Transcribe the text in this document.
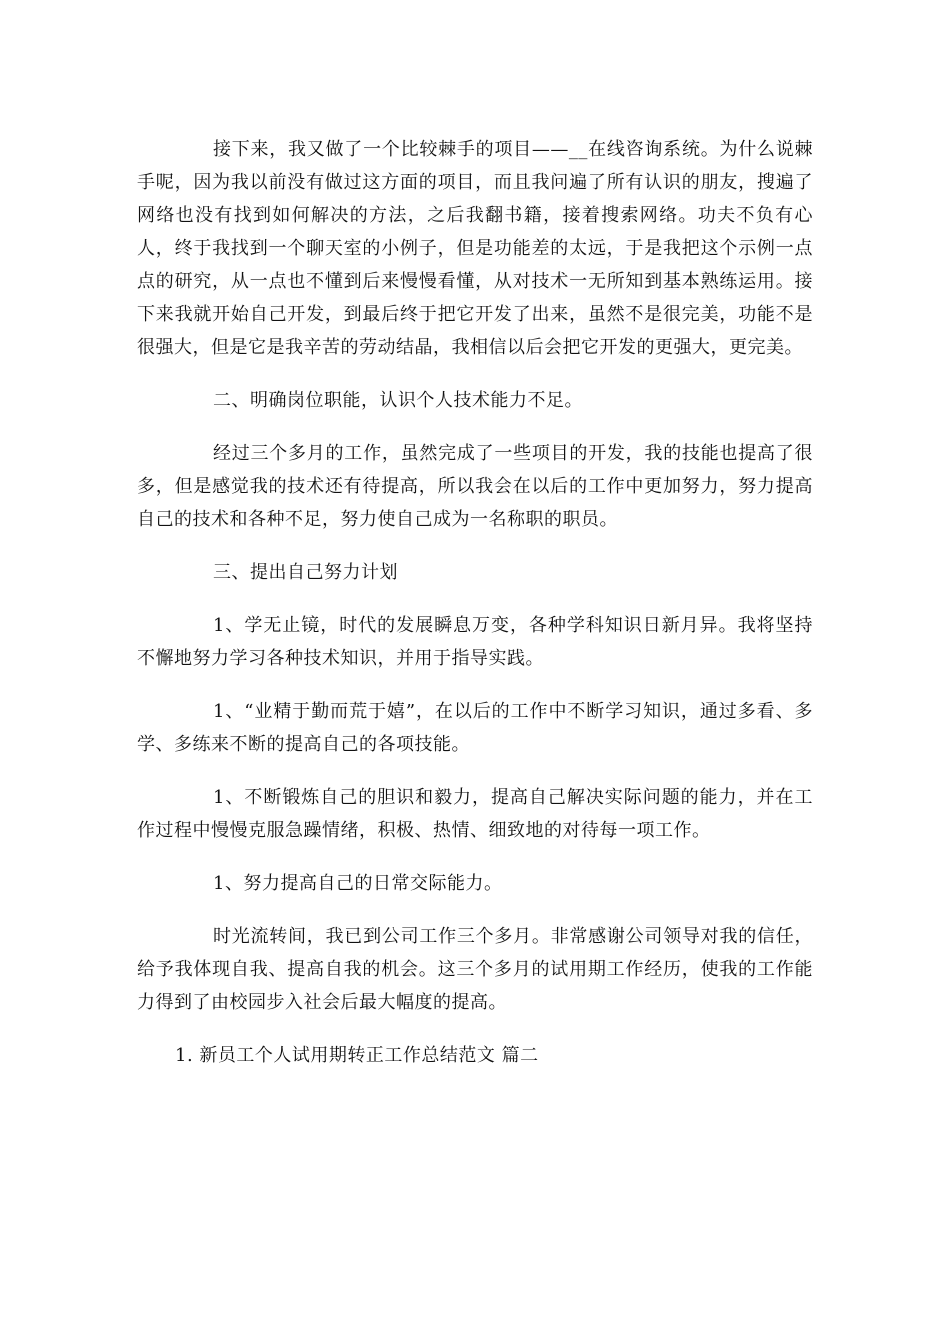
接下来，我又做了一个比较棘手的项目——__在线咨询系统。为什么说棘手呢，因为我以前没有做过这方面的项目，而且我问遍了所有认识的朋友，搜遍了网络也没有找到如何解决的方法，之后我翻书籍，接着搜索网络。功夫不负有心人，终于我找到一个聊天室的小例子，但是功能差的太远，于是我把这个示例一点点的研究，从一点也不懂到后来慢慢看懂，从对技术一无所知到基本熟练运用。接下来我就开始自己开发，到最后终于把它开发了出来，虽然不是很完美，功能不是很强大，但是它是我辛苦的劳动结晶，我相信以后会把它开发的更强大，更完美。

二、明确岗位职能，认识个人技术能力不足。

经过三个多月的工作，虽然完成了一些项目的开发，我的技能也提高了很多，但是感觉我的技术还有待提高，所以我会在以后的工作中更加努力，努力提高自己的技术和各种不足，努力使自己成为一名称职的职员。

三、提出自己努力计划

1、学无止镜，时代的发展瞬息万变，各种学科知识日新月异。我将坚持不懈地努力学习各种技术知识，并用于指导实践。

1、“业精于勤而荒于嬉”，在以后的工作中不断学习知识，通过多看、多学、多练来不断的提高自己的各项技能。

1、不断锻炼自己的胆识和毅力，提高自己解决实际问题的能力，并在工作过程中慢慢克服急躁情绪，积极、热情、细致地的对待每一项工作。

1、努力提高自己的日常交际能力。

时光流转间，我已到公司工作三个多月。非常感谢公司领导对我的信任，给予我体现自我、提高自我的机会。这三个多月的试用期工作经历，使我的工作能力得到了由校园步入社会后最大幅度的提高。

1. 新员工个人试用期转正工作总结范文 篇二
